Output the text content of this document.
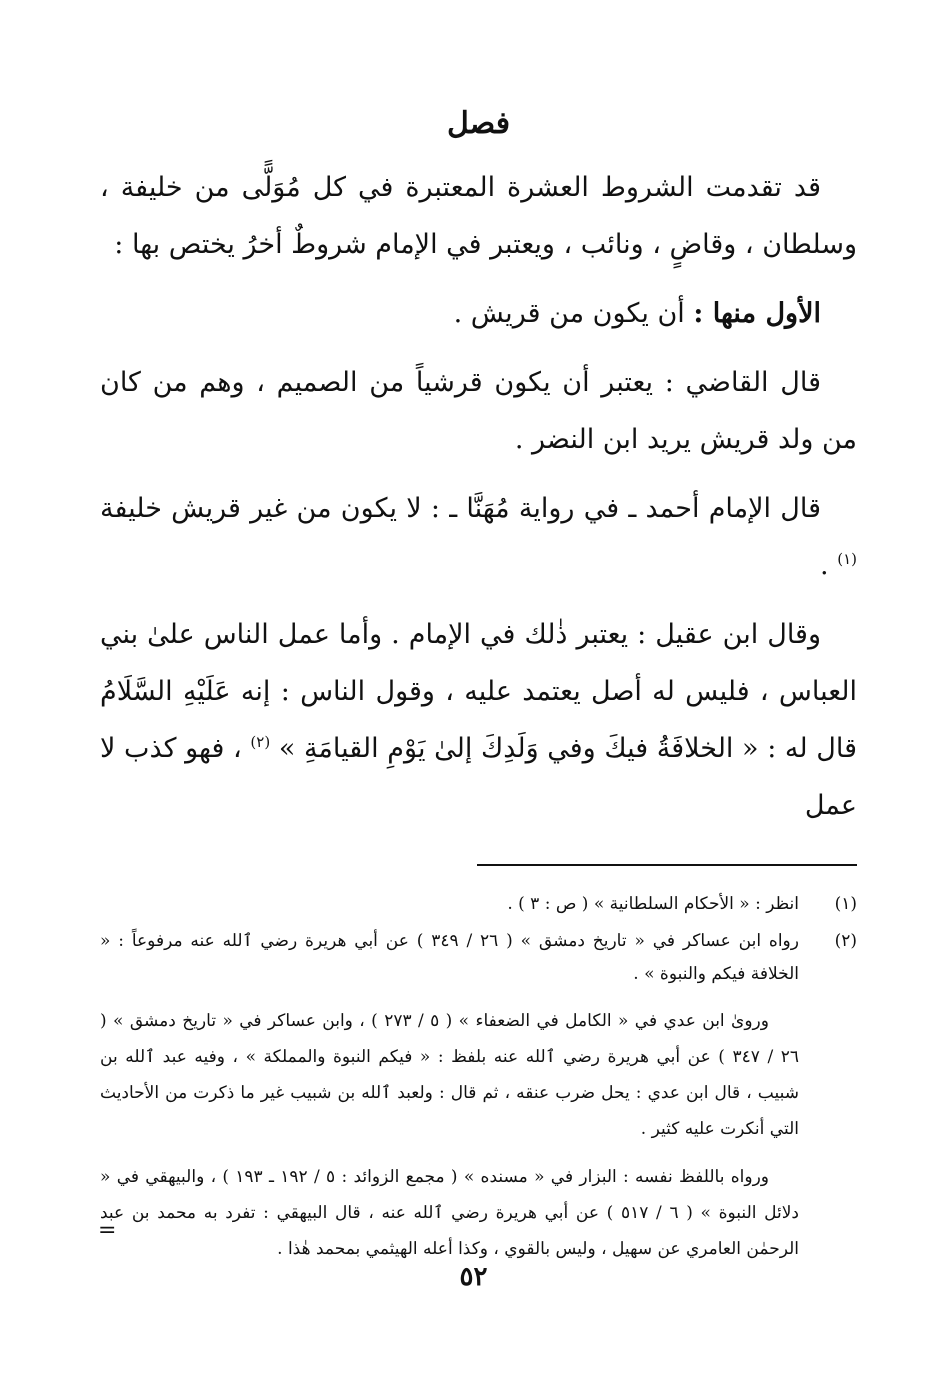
فصل

قد تقدمت الشروط العشرة المعتبرة في كل مُوَلًّى من خليفة ، وسلطان ، وقاضٍ ، ونائب ، ويعتبر في الإمام شروطٌ أخرُ يختص بها :

الأول منها : أن يكون من قريش .

قال القاضي : يعتبر أن يكون قرشياً من الصميم ، وهم من كان من ولد قريش يريد ابن النضر .

قال الإمام أحمد ـ في رواية مُهَنَّا ـ : لا يكون من غير قريش خليفة $^{(١)}$ .

وقال ابن عقيل : يعتبر ذٰلك في الإمام . وأما عمل الناس علىٰ بني العباس ، فليس له أصل يعتمد عليه ، وقول الناس : إنه عَلَيْهِ السَّلَامُ قال له : « الخلافَةُ فيكَ وفي وَلَدِكَ إلىٰ يَوْمِ القيامَةِ » $^{(٢)}$ ، فهو كذب لا عمل

(١)
انظر : « الأحكام السلطانية » ( ص : ٣ ) .
(٢)
رواه ابن عساكر في « تاريخ دمشق » ( ٢٦ / ٣٤٩ ) عن أبي هريرة رضي ٱلله عنه مرفوعاً : « الخلافة فيكم والنبوة » .

ورویٰ ابن عدي في « الكامل في الضعفاء » ( ٥ / ٢٧٣ ) ، وابن عساكر في « تاريخ دمشق » ( ٢٦ / ٣٤٧ ) عن أبي هريرة رضي ٱلله عنه بلفظ : « فيكم النبوة والمملكة » ، وفيه عبد ٱلله بن شبيب ، قال ابن عدي : يحل ضرب عنقه ، ثم قال : ولعبد ٱلله بن شبيب غير ما ذكرت من الأحاديث التي أنكرت عليه كثير .

ورواه باللفظ نفسه : البزار في « مسنده » ( مجمع الزوائد : ٥ / ١٩٢ ـ ١٩٣ ) ، والبيهقي في « دلائل النبوة » ( ٦ / ٥١٧ ) عن أبي هريرة رضي ٱلله عنه ، قال البيهقي : تفرد به محمد بن عبد الرحمٰن العامري عن سهيل ، وليس بالقوي ، وكذا أعله الهيثمي بمحمد هٰذا .

=
٥٢
